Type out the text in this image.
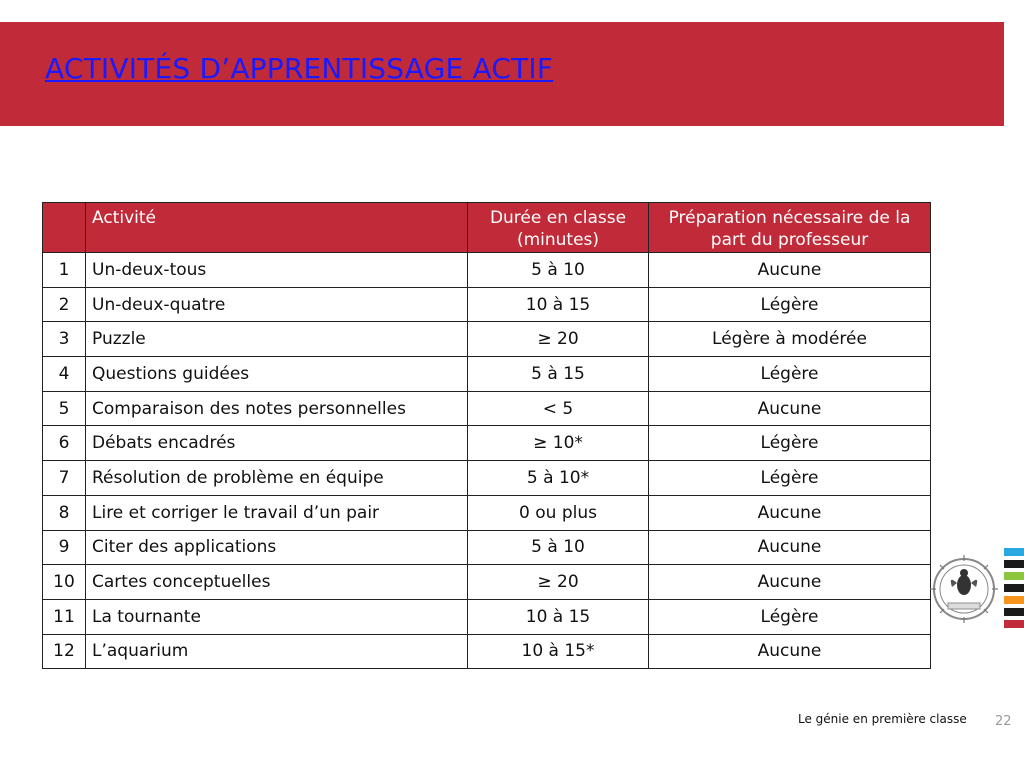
ACTIVITÉS D’APPRENTISSAGE ACTIF
	Activité	Durée en classe (minutes)	Préparation nécessaire de la part du professeur
1	Un-deux-tous	5 à 10	Aucune
2	Un-deux-quatre	10 à 15	Légère
3	Puzzle	≥ 20	Légère à modérée
4	Questions guidées	5 à 15	Légère
5	Comparaison des notes personnelles	< 5	Aucune
6	Débats encadrés	≥ 10*	Légère
7	Résolution de problème en équipe	5 à 10*	Légère
8	Lire et corriger le travail d’un pair	0 ou plus	Aucune
9	Citer des applications	5 à 10	Aucune
10	Cartes conceptuelles	≥ 20	Aucune
11	La tournante	10 à 15	Légère
12	L’aquarium	10 à 15*	Aucune
Le génie en première classe 22
